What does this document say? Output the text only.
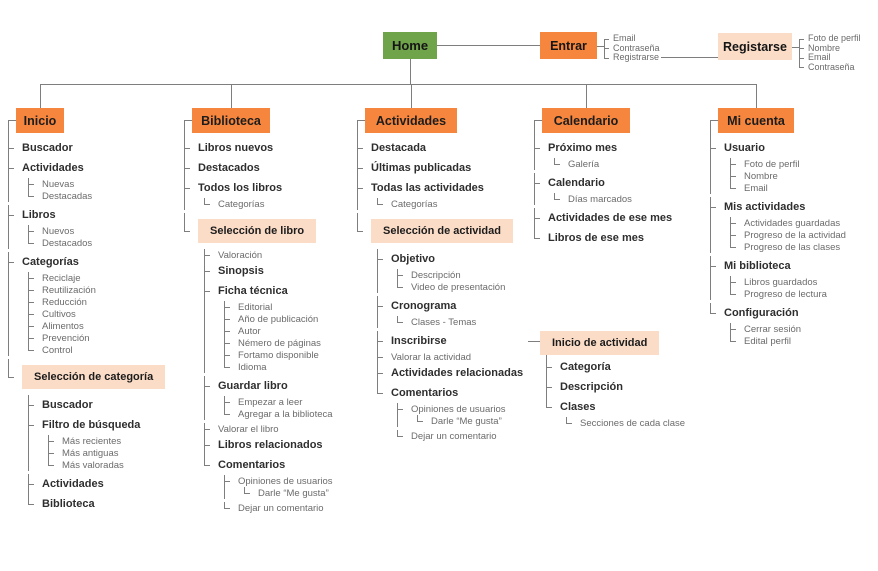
Home	Entrar
Email
Contraseña
Registrarse
Registarse
Foto de perfil
Nombre
Email
Contraseña
Inicio
Buscador
Actividades
Nuevas
Destacadas
Libros
Nuevos
Destacados
Categorías
Reciclaje
Reutilización
Reducción
Cultivos
Alimentos
Prevención
Control
Selección de categoría
Buscador
Filtro de búsqueda
Más recientes
Más antiguas
Más valoradas
Actividades
Biblioteca
Biblioteca
Libros nuevos
Destacados
Todos los libros
Categorías
Selección de libro
Valoración
Sinopsis
Ficha técnica
Editorial
Año de publicación
Autor
Némero de páginas
Fortamo disponible
Idioma
Guardar libro
Empezar a leer
Agregar a la biblioteca
Valorar el libro
Libros relacionados
Comentarios
Opiniones de usuarios
Darle “Me gusta”
Dejar un comentario
Actividades
Destacada
Últimas publicadas
Todas las actividades
Categorías
Selección de actividad
Objetivo
Descripción
Video de presentación
Cronograma
Clases - Temas
Inscribirse
Valorar la actividad
Actividades relacionadas
Comentarios
Opiniones de usuarios
Darle “Me gusta”
Dejar un comentario
Calendario
Próximo mes
Galería
Calendario
Días marcados
Actividades de ese mes
Libros de ese mes
Mi cuenta
Usuario
Foto de perfil
Nombre
Email
Mis actividades
Actividades guardadas
Progreso de la actividad
Progreso de las clases
Mi biblioteca
Libros guardados
Progreso de lectura
Configuración
Cerrar sesión
Edital perfil
Inicio de actividad
Categoría
Descripción
Clases
Secciones de cada clase
